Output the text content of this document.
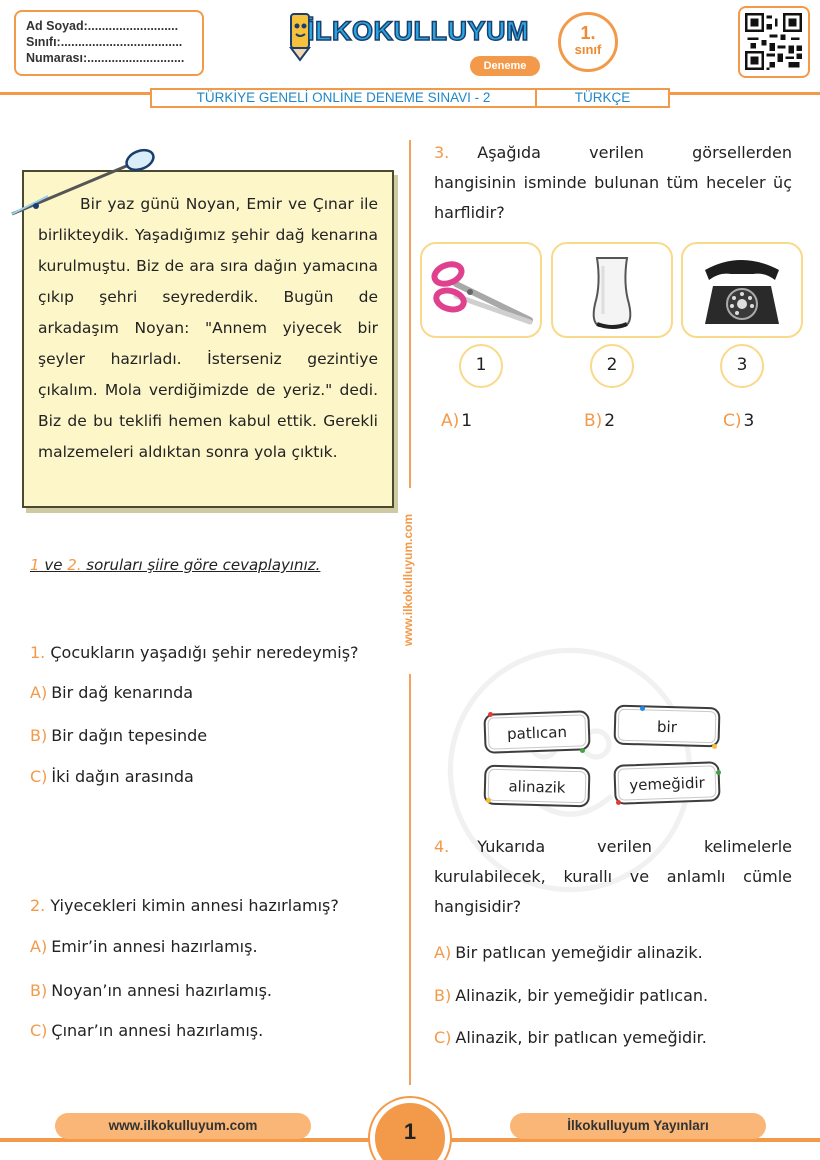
Ad Soyad:..........................
Sınıfı:...................................
Numarası:............................
İLKOKULLUYUM
Deneme
1.
sınıf
TÜRKİYE GENELİ ONLİNE DENEME SINAVI - 2	TÜRKÇE
www.ilkokulluyum.com

Bir yaz günü Noyan, Emir ve Çınar ile birlikteydik. Yaşadığımız şehir dağ kenarına kurulmuştu. Biz de ara sıra dağın yamacına çıkıp şehri seyrederdik. Bugün de arkadaşım Noyan: "Annem yiyecek bir şeyler hazırladı. İsterseniz gezintiye çıkalım. Mola verdiğimizde de yeriz." dedi. Biz de bu teklifi hemen kabul ettik. Gerekli malzemeleri aldıktan sonra yola çıktık.

1 ve 2. soruları şiire göre cevaplayınız.
1. Çocukların yaşadığı şehir neredeymiş?
A) Bir dağ kenarında
B) Bir dağın tepesinde
C) İki dağın arasında
2. Yiyecekleri kimin annesi hazırlamış?
A) Emir’in annesi hazırlamış.
B) Noyan’ın annesi hazırlamış.
C) Çınar’ın annesi hazırlamış.
3. Aşağıda verilen görsellerden hangisinin isminde bulunan tüm heceler üç harflidir?
1	2	3
A) 1	B) 2	C) 3
patlıcan	bir
alinazik	yemeğidir
4. Yukarıda verilen kelimelerle kurulabilecek, kurallı ve anlamlı cümle hangisidir?
A) Bir patlıcan yemeğidir alinazik.
B) Alinazik, bir yemeğidir patlıcan.
C) Alinazik, bir patlıcan yemeğidir.
www.ilkokulluyum.com	İlkokulluyum Yayınları
1
